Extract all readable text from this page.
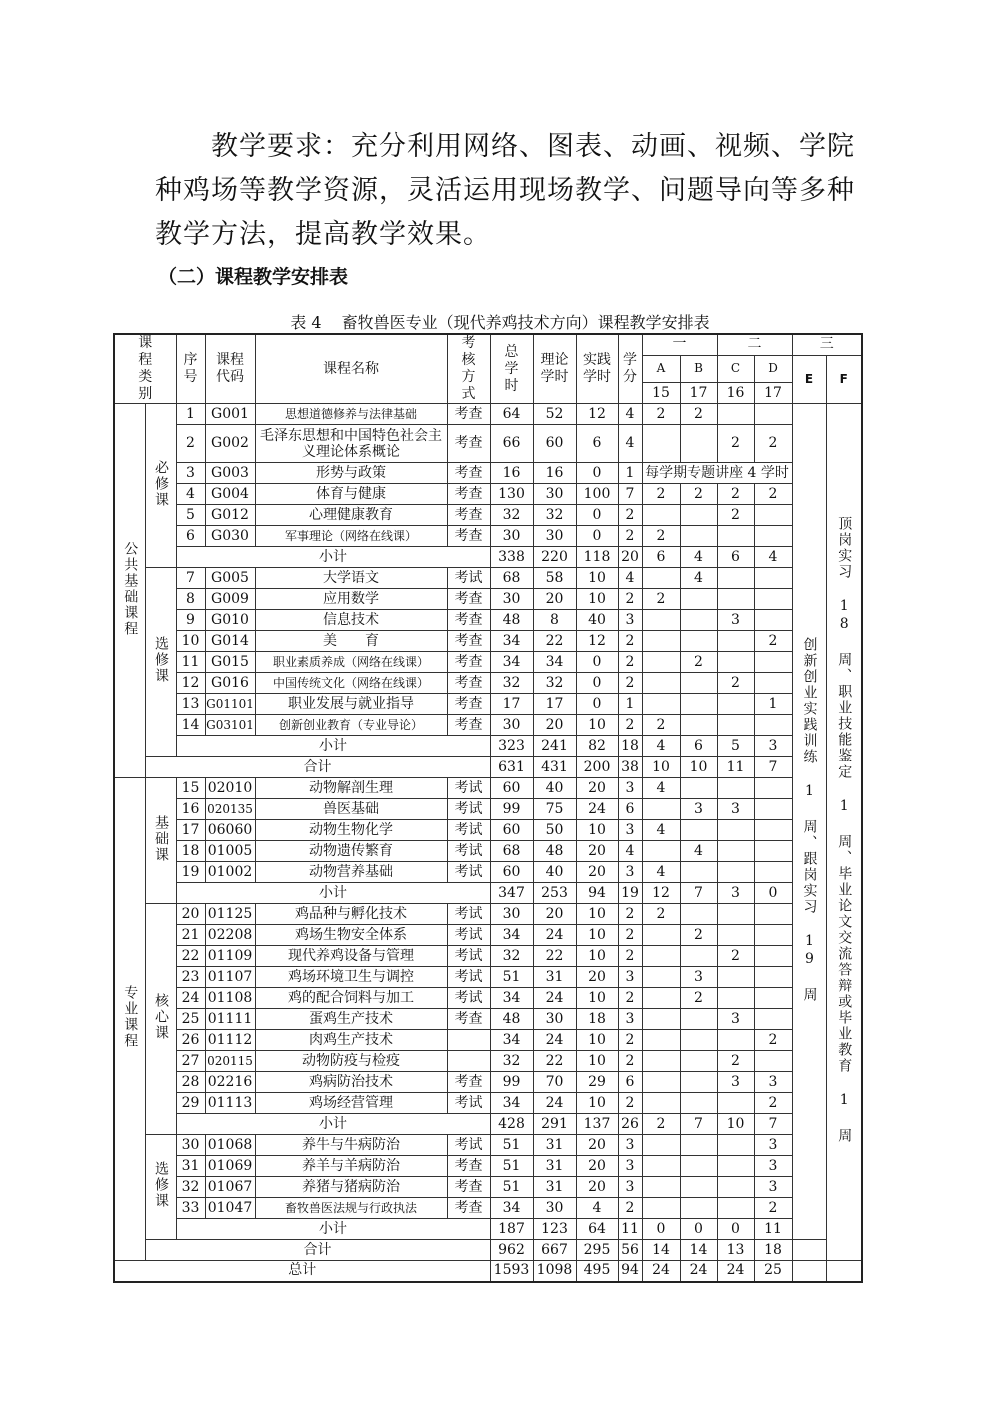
教学要求：充分利用网络、图表、动画、视频、学院种鸡场等教学资源，灵活运用现场教学、问题导向等多种教学方法，提高教学效果。
（二）课程教学安排表
表 4 畜牧兽医专业（现代养鸡技术方向）课程教学安排表
课程类别		序号	课程代码	课程名称	考核方式	总学时	理论学时	实践学时	学分	一		二		三	
										A	B	C	D	E	F
										15	17	16	17		
公共基础课程	必修课	1	G001	思想道德修养与法律基础	考查	64	52	12	4	2	2			创新创业实践训练 1 周、跟岗实习 19 周	顶岗实习 18 周、职业技能鉴定 1 周、毕业论文交流答辩或毕业教育 1 周
		2	G002	毛泽东思想和中国特色社会主义理论体系概论	考查	66	60	6	4			2	2		
		3	G003	形势与政策	考查	16	16	0	1	每学期专题讲座 4 学时					
		4	G004	体育与健康	考查	130	30	100	7	2	2	2	2		
		5	G012	心理健康教育	考查	32	32	0	2			2			
		6	G030	军事理论（网络在线课）	考查	30	30	0	2	2					
		小计				338	220	118	20	6	4	6	4		
	选修课	7	G005	大学语文	考试	68	58	10	4		4				
		8	G009	应用数学	考查	30	20	10	2	2					
		9	G010	信息技术	考查	48	8	40	3			3			
		10	G014	美　　育	考查	34	22	12	2				2		
		11	G015	职业素质养成（网络在线课）	考查	34	34	0	2		2				
		12	G016	中国传统文化（网络在线课）	考查	32	32	0	2			2			
		13	G01101	职业发展与就业指导	考查	17	17	0	1				1		
		14	G03101	创新创业教育（专业导论）	考查	30	20	10	2	2					
		小计				323	241	82	18	4	6	5	3		
	合计					631	431	200	38	10	10	11	7		
专业课程	基础课	15	02010	动物解剖生理	考试	60	40	20	3	4					
		16	020135	兽医基础	考试	99	75	24	6		3	3			
		17	06060	动物生物化学	考试	60	50	10	3	4					
		18	01005	动物遗传繁育	考试	68	48	20	4		4				
		19	01002	动物营养基础	考试	60	40	20	3	4					
		小计				347	253	94	19	12	7	3	0		
	核心课	20	01125	鸡品种与孵化技术	考试	30	20	10	2	2					
		21	02208	鸡场生物安全体系	考试	34	24	10	2		2				
		22	01109	现代养鸡设备与管理	考试	32	22	10	2			2			
		23	01107	鸡场环境卫生与调控	考试	51	31	20	3		3				
		24	01108	鸡的配合饲料与加工	考试	34	24	10	2		2				
		25	01111	蛋鸡生产技术	考查	48	30	18	3			3			
		26	01112	肉鸡生产技术		34	24	10	2				2		
		27	020115	动物防疫与检疫		32	22	10	2			2			
		28	02216	鸡病防治技术	考查	99	70	29	6			3	3		
		29	01113	鸡场经营管理	考试	34	24	10	2				2		
		小计				428	291	137	26	2	7	10	7		
	选修课	30	01068	养牛与牛病防治	考试	51	31	20	3				3		
		31	01069	养羊与羊病防治	考查	51	31	20	3				3		
		32	01067	养猪与猪病防治	考查	51	31	20	3				3		
		33	01047	畜牧兽医法规与行政执法	考查	34	30	4	2				2		
		小计				187	123	64	11	0	0	0	11		
	合计					962	667	295	56	14	14	13	18		
总计						1593	1098	495	94	24	24	24	25		
